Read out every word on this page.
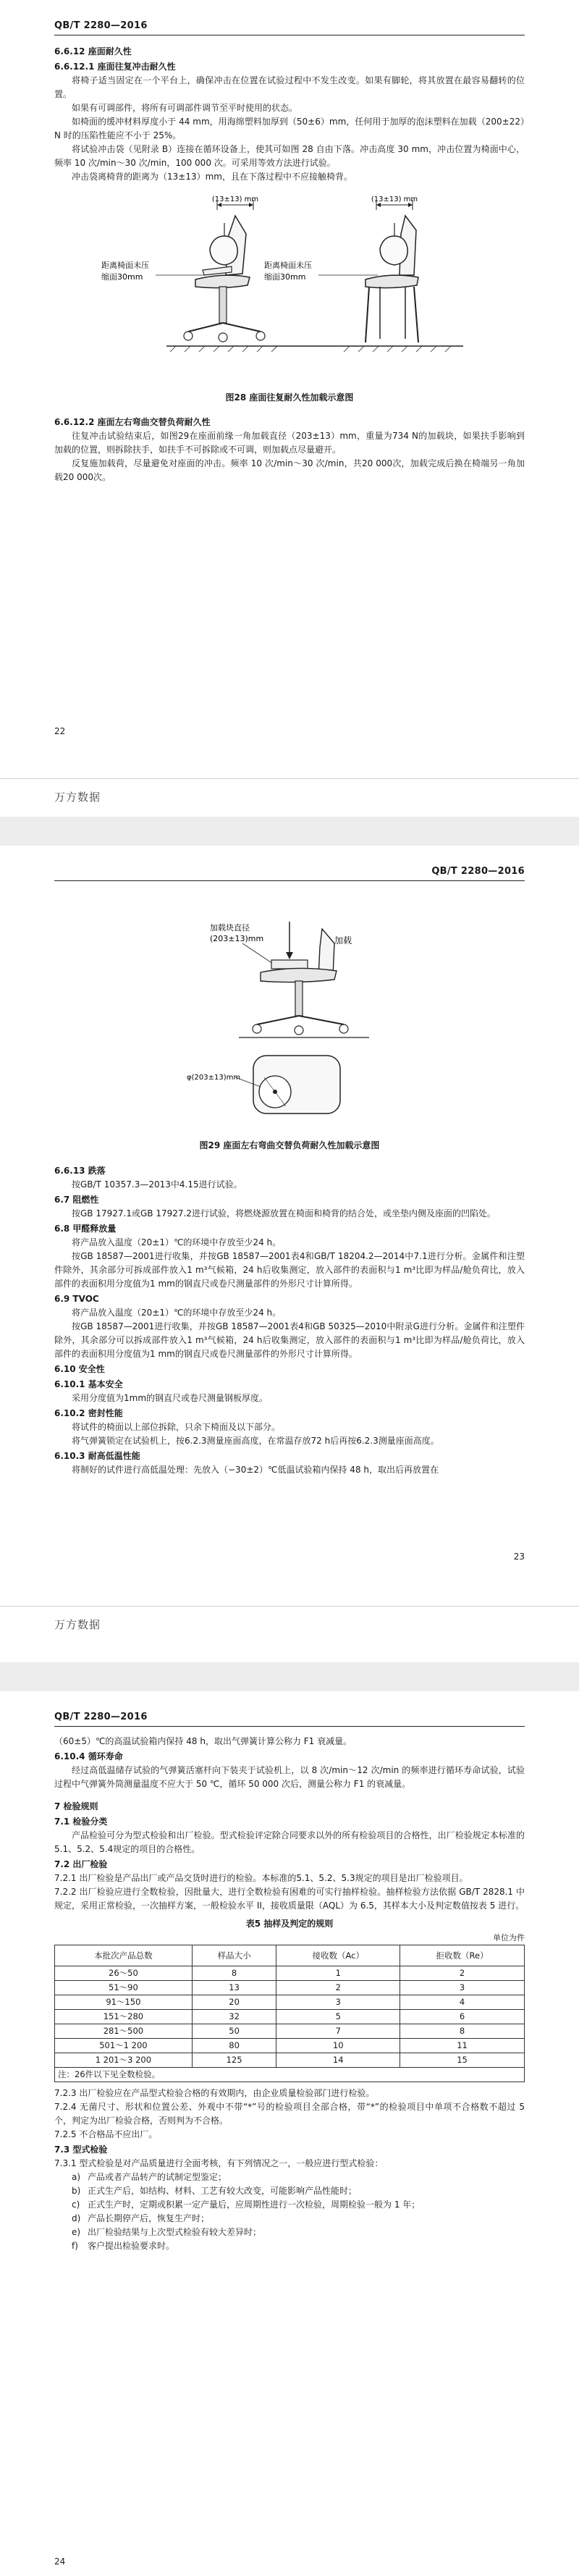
QB/T 2280—2016
6.6.12 座面耐久性
6.6.12.1 座面往复冲击耐久性
将椅子适当固定在一个平台上，确保冲击在位置在试验过程中不发生改变。如果有脚轮，将其放置在最容易翻转的位置。
如果有可调部件，将所有可调部件调节至平时使用的状态。
如椅面的缓冲材料厚度小于 44 mm，用海绵塑料加厚到（50±6）mm，任何用于加厚的泡沫塑料在加载（200±22）N 时的压陷性能应不小于 25%。
将试验冲击袋（见附录 B）连接在循环设备上，使其可如图 28 自由下落。冲击高度 30 mm，冲击位置为椅面中心，频率 10 次/min～30 次/min，100 000 次。可采用等效方法进行试验。
冲击袋离椅背的距离为（13±13）mm，且在下落过程中不应接触椅背。
(13±13) mm	(13±13) mm
距离椅面未压
缩面30mm
距离椅面未压
缩面30mm
图28 座面往复耐久性加载示意图
6.6.12.2 座面左右弯曲交替负荷耐久性
往复冲击试验结束后，如图29在座面前缘一角加载直径（203±13）mm，重量为734 N的加载块，如果扶手影响到加载的位置，则拆除扶手，如扶手不可拆除或不可调，则加载点尽量避开。
反复施加载荷，尽量避免对座面的冲击。频率 10 次/min～30 次/min，共20 000次，加载完成后换在椅端另一角加载20 000次。
22
万方数据
QB/T 2280—2016
加载块直径
(203±13)mm	加载
φ(203±13)mm
图29 座面左右弯曲交替负荷耐久性加载示意图
6.6.13 跌落
按GB/T 10357.3—2013中4.15进行试验。
6.7 阻燃性
按GB 17927.1或GB 17927.2进行试验，将燃烧源放置在椅面和椅背的结合处，或坐垫内侧及座面的凹陷处。
6.8 甲醛释放量
将产品放入温度（20±1）℃的环境中存放至少24 h。
按GB 18587—2001进行收集，并按GB 18587—2001表4和GB/T 18204.2—2014中7.1进行分析。金属件和注塑件除外，其余部分可拆成部件放入1 m³气候箱，24 h后收集测定，放入部件的表面积与1 m³比即为样品/舱负荷比，放入部件的表面积用分度值为1 mm的钢直尺或卷尺测量部件的外形尺寸计算所得。
6.9 TVOC
将产品放入温度（20±1）℃的环境中存放至少24 h。
按GB 18587—2001进行收集，并按GB 18587—2001表4和GB 50325—2010中附录G进行分析。金属件和注塑件除外，其余部分可以拆成部件放入1 m³气候箱，24 h后收集测定，放入部件的表面积与1 m³比即为样品/舱负荷比，放入部件的表面积用分度值为1 mm的钢直尺或卷尺测量部件的外形尺寸计算所得。
6.10 安全性
6.10.1 基本安全
采用分度值为1mm的钢直尺或卷尺测量钢板厚度。
6.10.2 密封性能
将试件的椅面以上部位拆除，只余下椅面及以下部分。
将气弹簧锁定在试验机上，按6.2.3测量座面高度，在常温存放72 h后再按6.2.3测量座面高度。
6.10.3 耐高低温性能
将制好的试件进行高低温处理：先放入（−30±2）℃低温试验箱内保持 48 h，取出后再放置在
23
万方数据
QB/T 2280—2016
（60±5）℃的高温试验箱内保持 48 h，取出气弹簧计算公称力 F1 衰减量。
6.10.4 循环寿命
经过高低温储存试验的气弹簧活塞杆向下装夹于试验机上，以 8 次/min～12 次/min 的频率进行循环寿命试验，试验过程中气弹簧外筒测量温度不应大于 50 ℃，循环 50 000 次后，测量公称力 F1 的衰减量。
7 检验规则
7.1 检验分类
产品检验可分为型式检验和出厂检验。型式检验评定除合同要求以外的所有检验项目的合格性，出厂检验规定本标准的5.1、5.2、5.4规定的项目的合格性。
7.2 出厂检验
7.2.1 出厂检验是产品出厂或产品交货时进行的检验。本标准的5.1、5.2、5.3规定的项目是出厂检验项目。
7.2.2 出厂检验应进行全数检验，因批量大，进行全数检验有困难的可实行抽样检验。抽样检验方法依据 GB/T 2828.1 中规定，采用正常检验，一次抽样方案，一般检验水平 II，接收质量限（AQL）为 6.5，其样本大小及判定数值按表 5 进行。
表5 抽样及判定的规则
单位为件
本批次产品总数	样品大小	接收数（Ac）	拒收数（Re）
26～50	8	1	2
51～90	13	2	3
91～150	20	3	4
151～280	32	5	6
281～500	50	7	8
501～1 200	80	10	11
1 201～3 200	125	14	15
注：26件以下见全数检验。			
7.2.3 出厂检验应在产品型式检验合格的有效期内，由企业质量检验部门进行检验。
7.2.4 无菌尺寸、形状和位置公差、外观中不带“*”号的检验项目全部合格，带“*”的检验项目中单项不合格数不超过 5 个，判定为出厂检验合格，否则判为不合格。
7.2.5 不合格品不应出厂。
7.3 型式检验
7.3.1 型式检验是对产品质量进行全面考核，有下列情况之一，一般应进行型式检验：
a) 产品或者产品转产的试制定型鉴定；
b) 正式生产后，如结构、材料、工艺有较大改变，可能影响产品性能时；
c) 正式生产时，定期或积累一定产量后，应周期性进行一次检验，周期检验一般为 1 年；
d) 产品长期停产后，恢复生产时；
e) 出厂检验结果与上次型式检验有较大差异时；
f) 客户提出检验要求时。
24
